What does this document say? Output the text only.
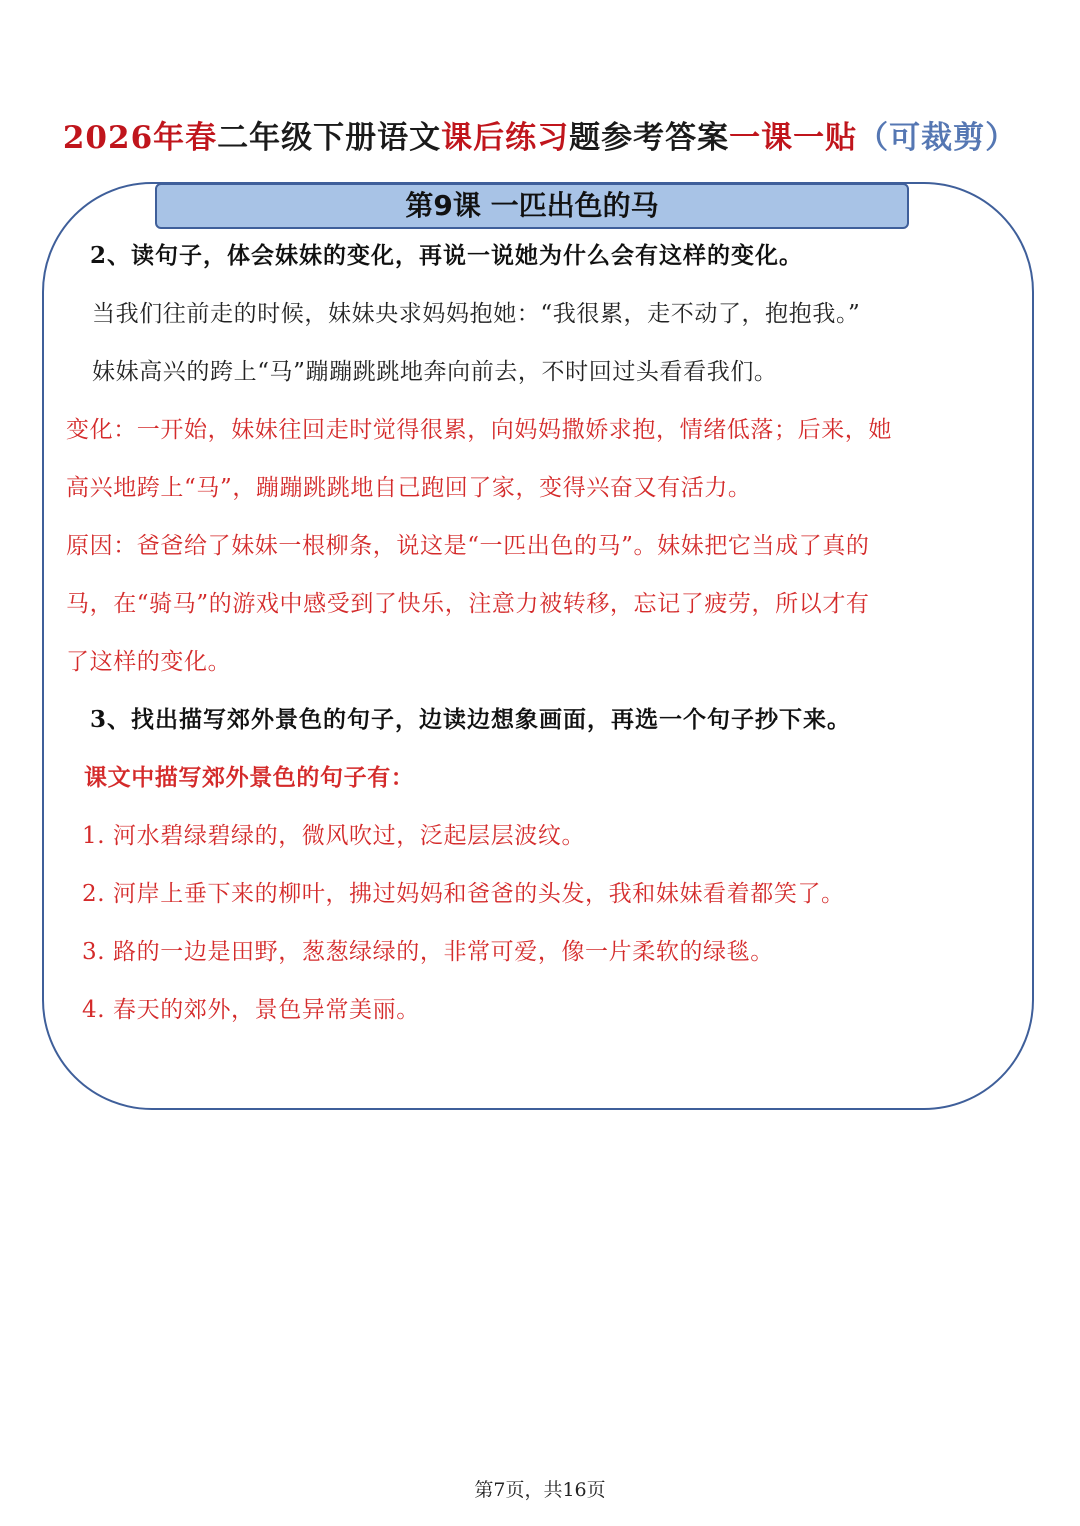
2026年春二年级下册语文课后练习题参考答案一课一贴（可裁剪）
第9课 一匹出色的马
2、读句子，体会妹妹的变化，再说一说她为什么会有这样的变化。
当我们往前走的时候，妹妹央求妈妈抱她：“我很累，走不动了，抱抱我。”
妹妹高兴的跨上“马”蹦蹦跳跳地奔向前去，不时回过头看看我们。
变化：一开始，妹妹往回走时觉得很累，向妈妈撒娇求抱，情绪低落；后来，她
高兴地跨上“马”，蹦蹦跳跳地自己跑回了家，变得兴奋又有活力。
原因：爸爸给了妹妹一根柳条，说这是“一匹出色的马”。妹妹把它当成了真的
马，在“骑马”的游戏中感受到了快乐，注意力被转移，忘记了疲劳，所以才有
了这样的变化。
3、找出描写郊外景色的句子，边读边想象画面，再选一个句子抄下来。
课文中描写郊外景色的句子有：
1. 河水碧绿碧绿的，微风吹过，泛起层层波纹。
2. 河岸上垂下来的柳叶，拂过妈妈和爸爸的头发，我和妹妹看着都笑了。
3. 路的一边是田野，葱葱绿绿的，非常可爱，像一片柔软的绿毯。
4. 春天的郊外，景色异常美丽。
第7页，共16页
